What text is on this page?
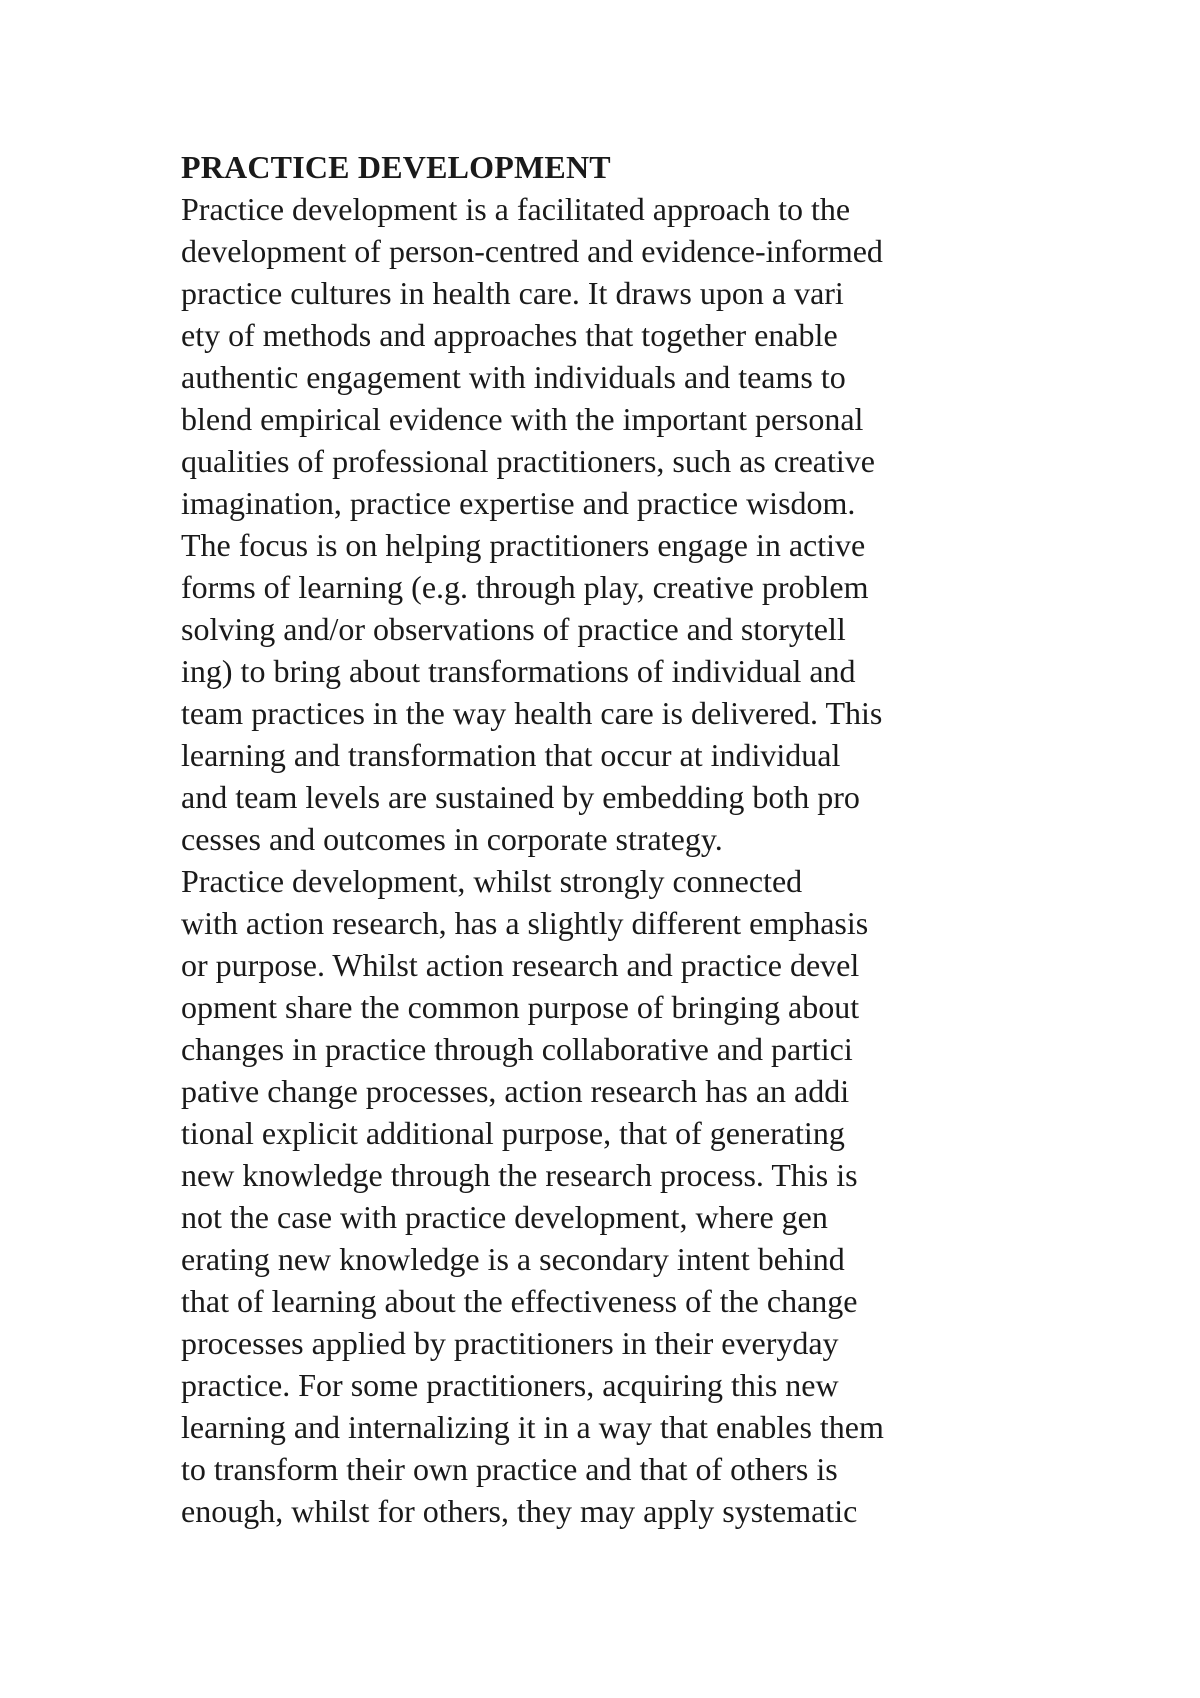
PRACTICE DEVELOPMENT
Practice development is a facilitated approach to the
development of person-centred and evidence-informed
practice cultures in health care. It draws upon a vari
ety of methods and approaches that together enable
authentic engagement with individuals and teams to
blend empirical evidence with the important personal
qualities of professional practitioners, such as creative
imagination, practice expertise and practice wisdom.
The focus is on helping practitioners engage in active
forms of learning (e.g. through play, creative problem
solving and/or observations of practice and storytell
ing) to bring about transformations of individual and
team practices in the way health care is delivered. This
learning and transformation that occur at individual
and team levels are sustained by embedding both pro
cesses and outcomes in corporate strategy.
Practice development, whilst strongly connected
with action research, has a slightly different emphasis
or purpose. Whilst action research and practice devel
opment share the common purpose of bringing about
changes in practice through collaborative and partici
pative change processes, action research has an addi
tional explicit additional purpose, that of generating
new knowledge through the research process. This is
not the case with practice development, where gen
erating new knowledge is a secondary intent behind
that of learning about the effectiveness of the change
processes applied by practitioners in their everyday
practice. For some practitioners, acquiring this new
learning and internalizing it in a way that enables them
to transform their own practice and that of others is
enough, whilst for others, they may apply systematic
